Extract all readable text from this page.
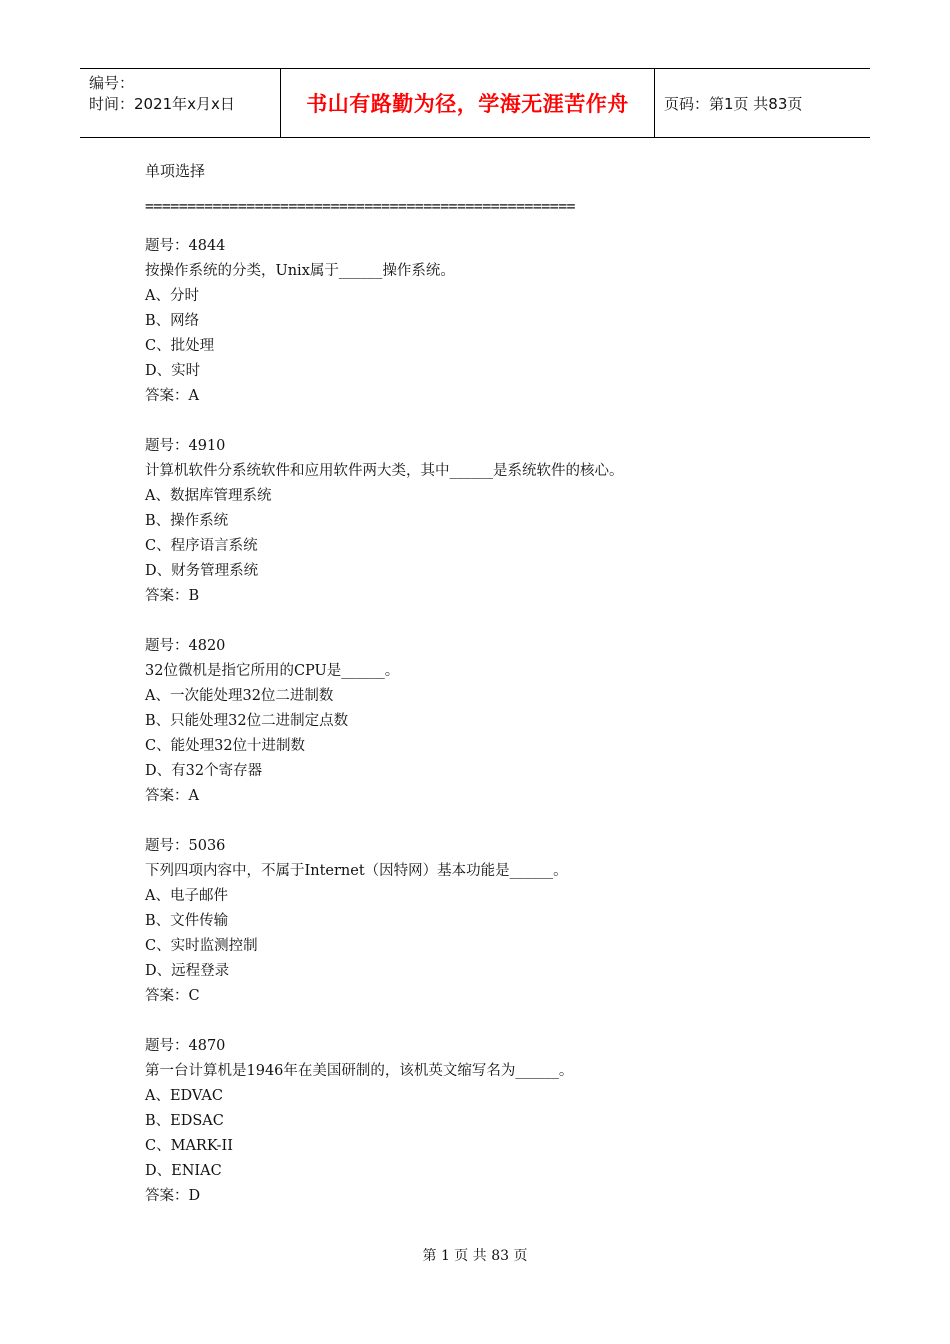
编号：
时间：2021年x月x日	书山有路勤为径，学海无涯苦作舟	页码：第1页 共83页
单项选择
===================================================
题号：4844
按操作系统的分类，Unix属于______操作系统。
A、分时
B、网络
C、批处理
D、实时
答案：A
题号：4910
计算机软件分系统软件和应用软件两大类，其中______是系统软件的核心。
A、数据库管理系统
B、操作系统
C、程序语言系统
D、财务管理系统
答案：B
题号：4820
32位微机是指它所用的CPU是______。
A、一次能处理32位二进制数
B、只能处理32位二进制定点数
C、能处理32位十进制数
D、有32个寄存器
答案：A
题号：5036
下列四项内容中，不属于Internet（因特网）基本功能是______。
A、电子邮件
B、文件传输
C、实时监测控制
D、远程登录
答案：C
题号：4870
第一台计算机是1946年在美国研制的，该机英文缩写名为______。
A、EDVAC
B、EDSAC
C、MARK-II
D、ENIAC
答案：D
第 1 页 共 83 页
